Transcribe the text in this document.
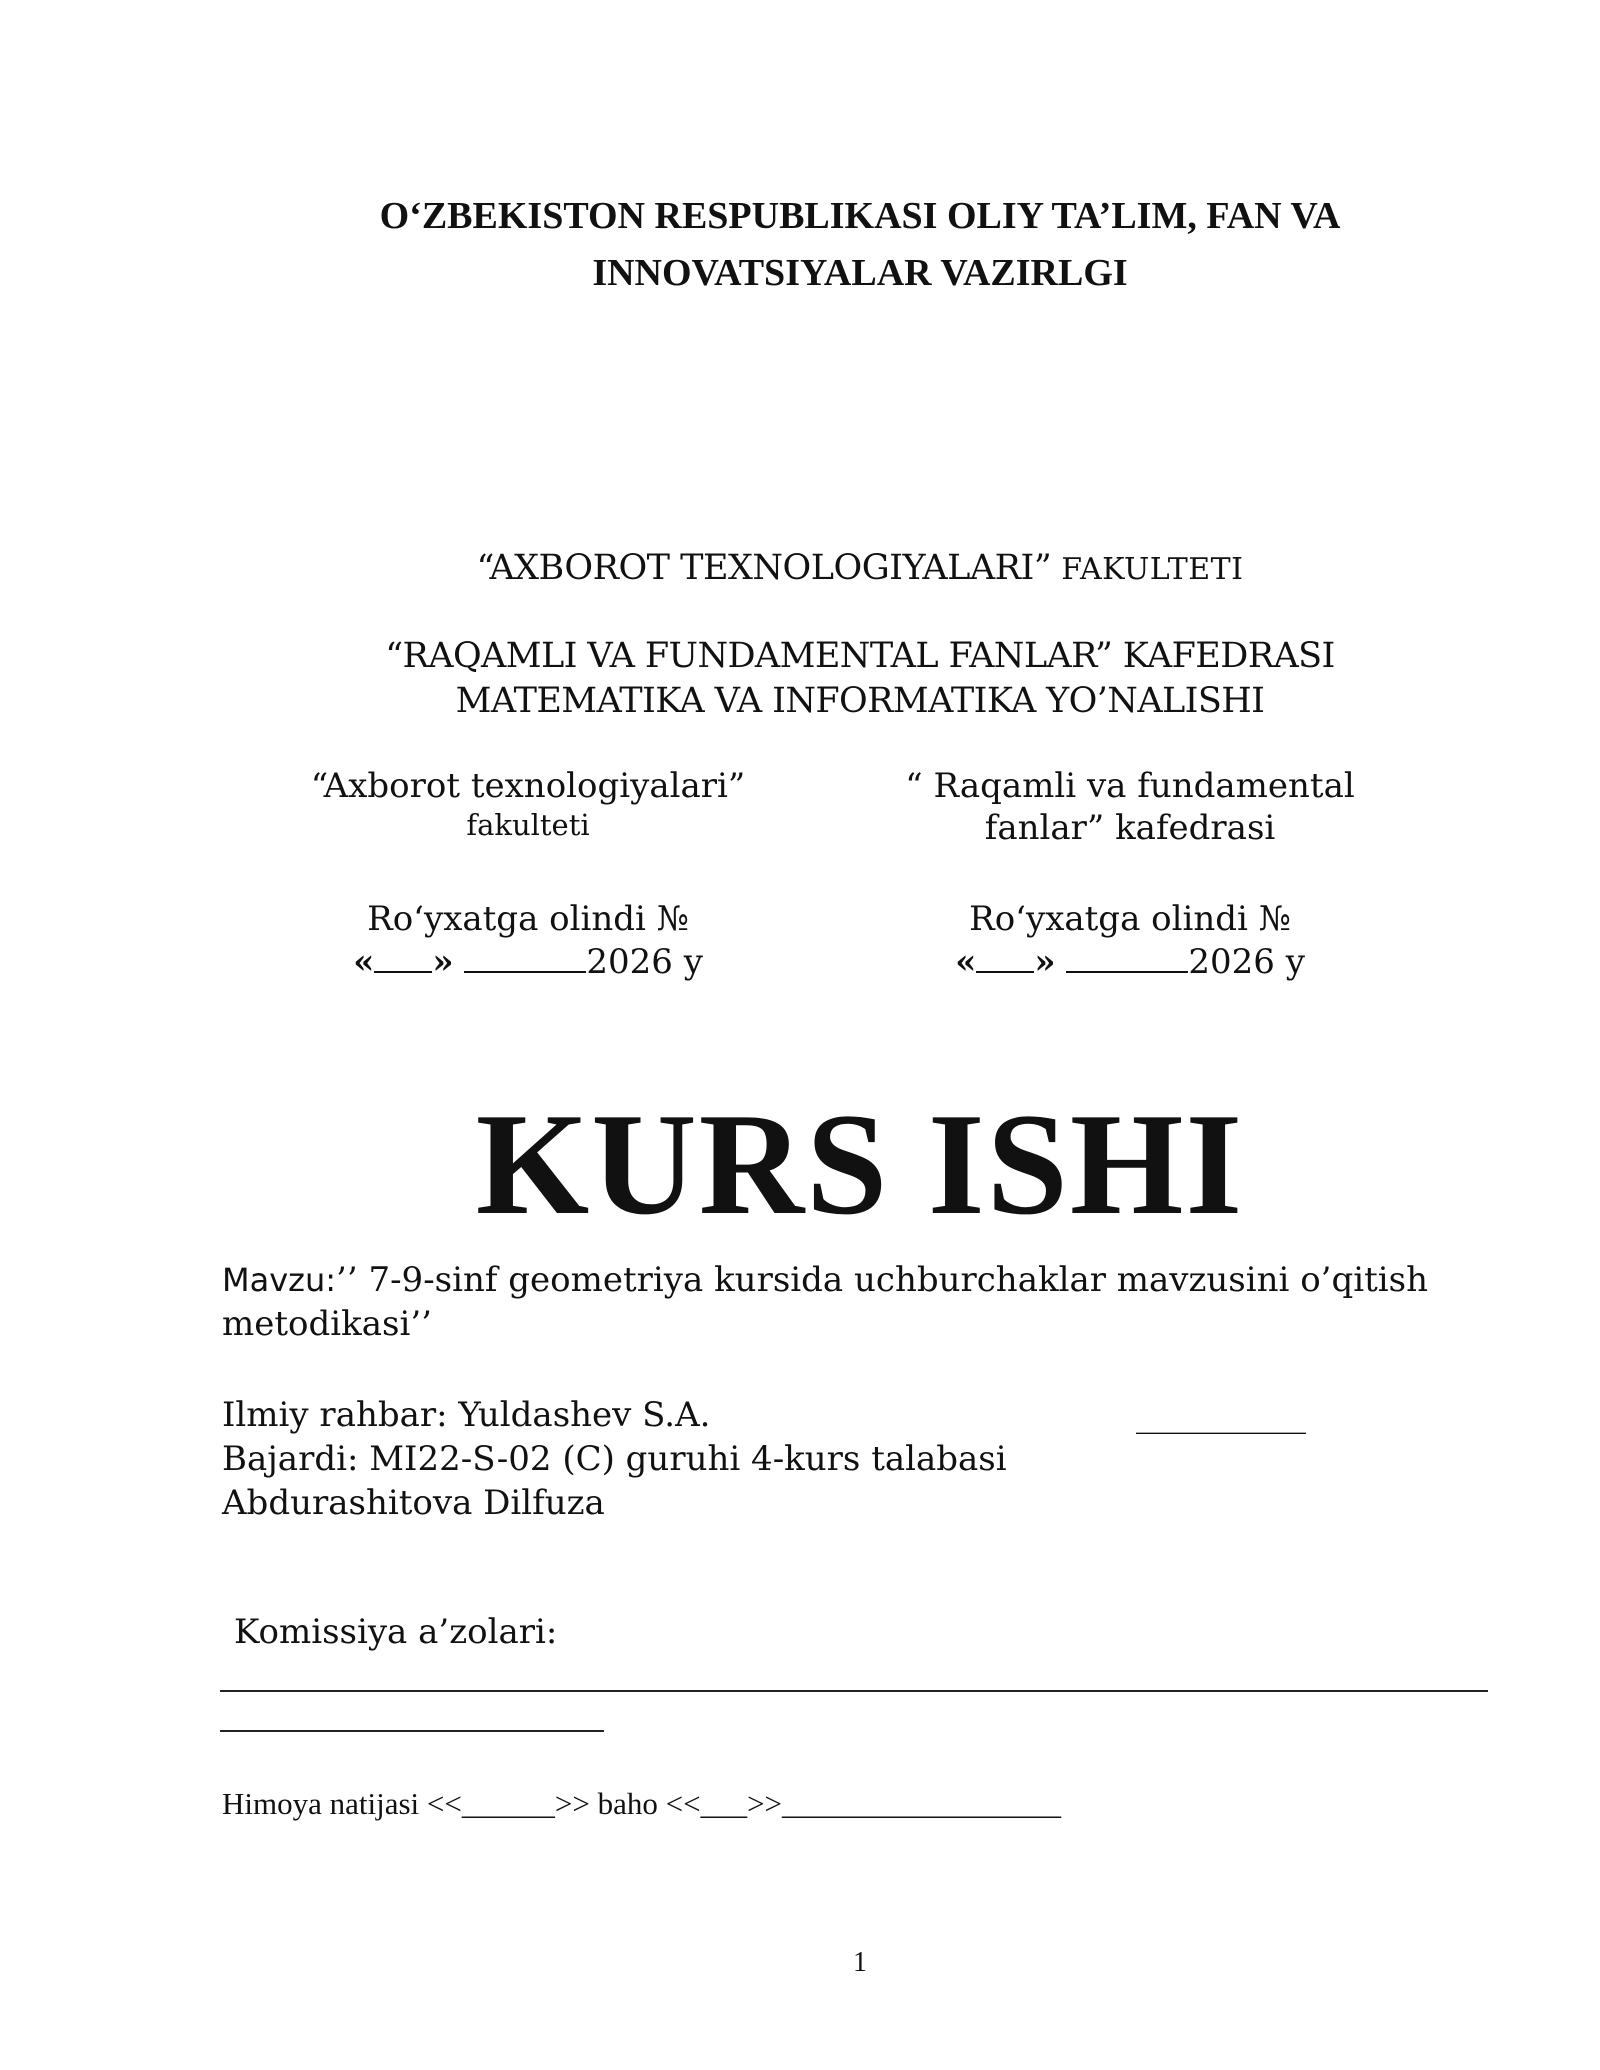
O‘ZBEKISTON RESPUBLIKASI OLIY TA’LIM, FAN VA
INNOVATSIYALAR VAZIRLGI
“AXBOROT TEXNOLOGIYALARI” FAKULTETI
“RAQAMLI VA FUNDAMENTAL FANLAR” KAFEDRASI
MATEMATIKA VA INFORMATIKA YO’NALISHI
“Axborot texnologiyalari”
fakulteti
Ro‘yxatga olindi №
« »	2026 y
“ Raqamli va fundamental
fanlar” kafedrasi
Ro‘yxatga olindi №
« »	2026 y
KURS ISHI
Mavzu:’’ 7-9-sinf geometriya kursida uchburchaklar mavzusini o’qitish metodikasi’’
Ilmiy rahbar: Yuldashev S.A.	__________
Bajardi: MI22-S-02 (C) guruhi 4-kurs talabasi
Abdurashitova Dilfuza
Komissiya a’zolari:
Himoya natijasi <<______>> baho <<___>>__________________
1
